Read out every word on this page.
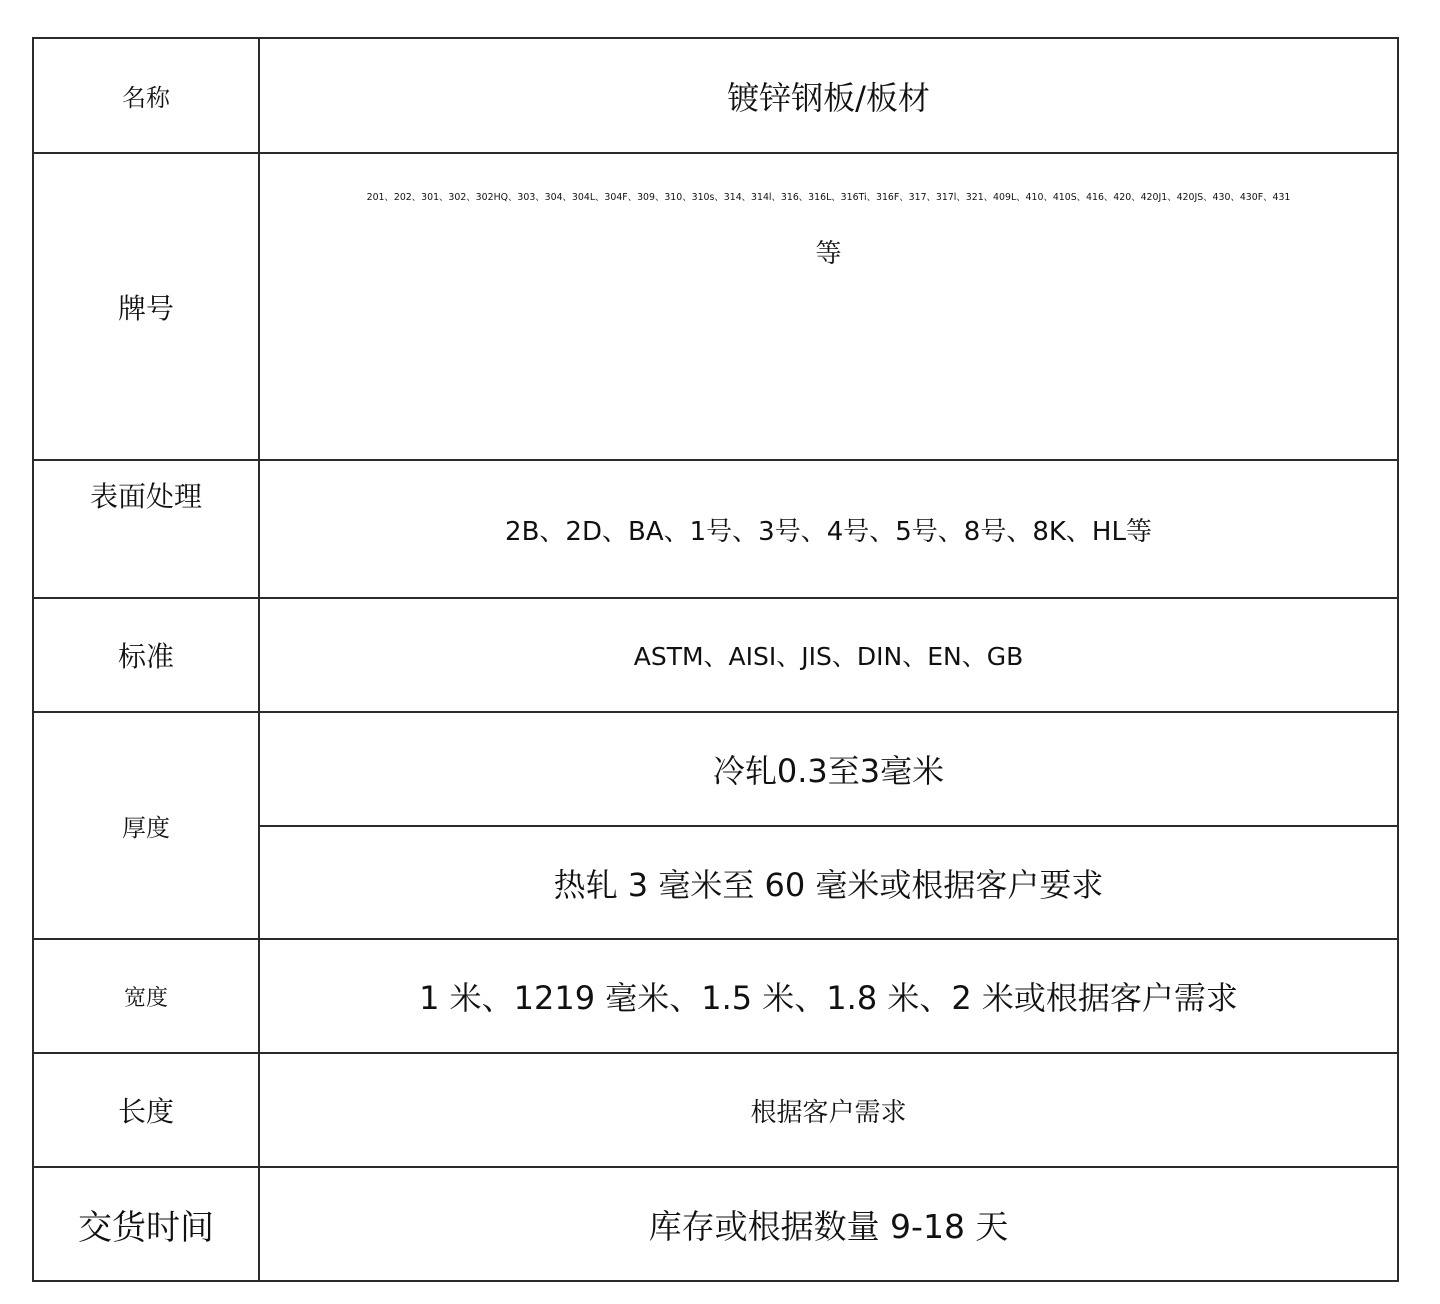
名称	镀锌钢板/板材
牌号	201、202、301、302、302HQ、303、304、304L、304F、309、310、310s、314、314l、316、316L、316Ti、316F、317、317l、321、409L、410、410S、416、420、420J1、420JS、430、430F、431
等

表面处理	2B、2D、BA、1号、3号、4号、5号、8号、8K、HL等
标准	ASTM、AISI、JIS、DIN、EN、GB
厚度	冷轧0.3至3毫米
	热轧 3 毫米至 60 毫米或根据客户要求
宽度	1 米、1219 毫米、1.5 米、1.8 米、2 米或根据客户需求
长度	根据客户需求
交货时间	库存或根据数量 9-18 天
